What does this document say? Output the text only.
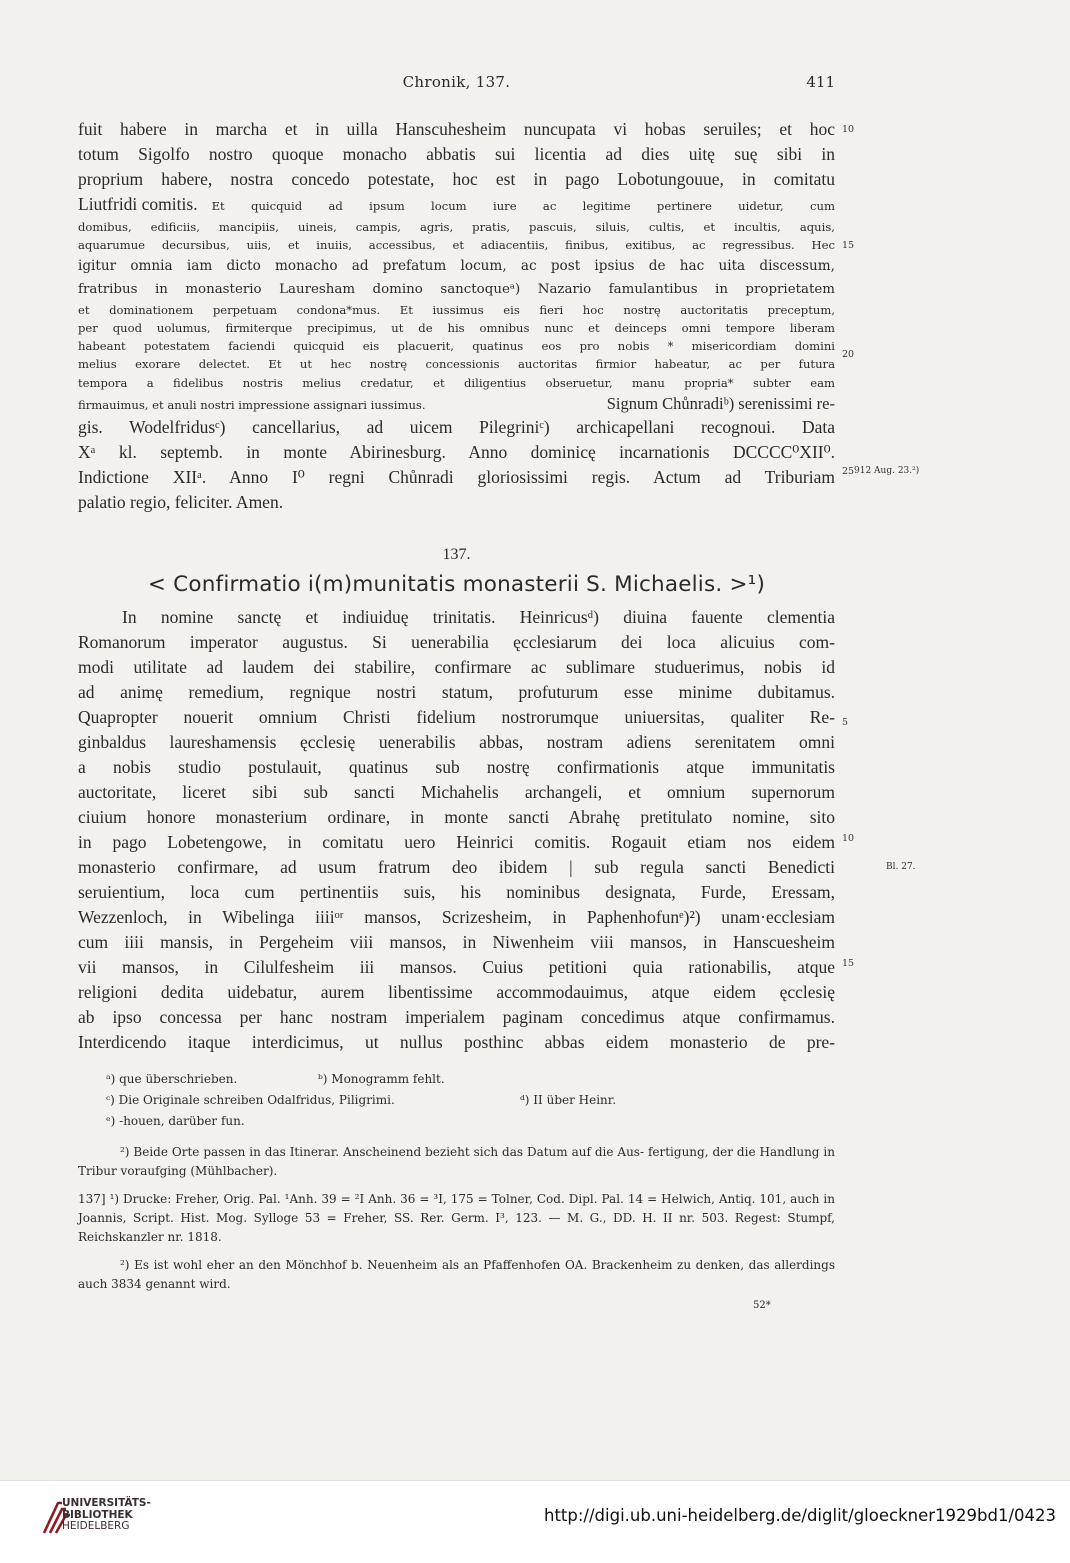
Chronik, 137.	411
fuit habere in marcha et in uilla Hanscuhesheim nuncupata vi hobas seruiles; et hoc
totum Sigolfo nostro quoque monacho abbatis sui licentia ad dies uitę suę sibi in
proprium habere, nostra concedo potestate, hoc est in pago Lobotungouue, in comitatu
Liutfridi comitis. Et quicquid ad ipsum locum iure ac legitime pertinere uidetur, cum
domibus, edificiis, mancipiis, uineis, campis, agris, pratis, pascuis, siluis, cultis, et incultis, aquis,
aquarumue decursibus, uiis, et inuiis, accessibus, et adiacentiis, finibus, exitibus, ac regressibus. Hec
igitur omnia iam dicto monacho ad prefatum locum, ac post ipsius de hac uita discessum,
fratribus in monasterio Lauresham domino sanctoqueᵃ) Nazario famulantibus in proprietatem
et dominationem perpetuam condona*mus. Et iussimus eis fieri hoc nostrę auctoritatis preceptum,
per quod uolumus, firmiterque precipimus, ut de his omnibus nunc et deinceps omni tempore liberam
habeant potestatem faciendi quicquid eis placuerit, quatinus eos pro nobis * misericordiam domini
melius exorare delectet. Et ut hec nostrę concessionis auctoritas firmior habeatur, ac per futura
tempora a fidelibus nostris melius credatur, et diligentius obseruetur, manu propria* subter eam
firmauimus, et anuli nostri impressione assignari iussimus.	Signum Chůnradiᵇ) serenissimi re-
gis. Wodelfridusᶜ) cancellarius, ad uicem Pilegriniᶜ) archicapellani recognoui. Data
Xᵃ kl. septemb. in monte Abirinesburg. Anno dominicę incarnationis DCCCC⁰XII⁰.
Indictione XIIᵃ. Anno I⁰ regni Chůnradi gloriosissimi regis. Actum ad Triburiam
palatio regio, feliciter. Amen.
10
15
20
25 912 Aug. 23.²)
137.
< Confirmatio i(m)munitatis monasterii S. Michaelis. >¹)
In nomine sanctę et indiuiduę trinitatis. Heinricusᵈ) diuina fauente clementia
Romanorum imperator augustus. Si uenerabilia ęcclesiarum dei loca alicuius com-
modi utilitate ad laudem dei stabilire, confirmare ac sublimare studuerimus, nobis id
ad animę remedium, regnique nostri statum, profuturum esse minime dubitamus.
Quapropter nouerit omnium Christi fidelium nostrorumque uniuersitas, qualiter Re-
ginbaldus laureshamensis ęcclesię uenerabilis abbas, nostram adiens serenitatem omni
a nobis studio postulauit, quatinus sub nostrę confirmationis atque immunitatis
auctoritate, liceret sibi sub sancti Michahelis archangeli, et omnium supernorum
ciuium honore monasterium ordinare, in monte sancti Abrahę pretitulato nomine, sito
in pago Lobetengowe, in comitatu uero Heinrici comitis. Rogauit etiam nos eidem
monasterio confirmare, ad usum fratrum deo ibidem | sub regula sancti Benedicti
seruientium, loca cum pertinentiis suis, his nominibus designata, Furde, Eressam,
Wezzenloch, in Wibelinga iiiiᵒʳ mansos, Scrizesheim, in Paphenhofunᵉ)²) unam·ecclesiam
cum iiii mansis, in Pergeheim viii mansos, in Niwenheim viii mansos, in Hanscuesheim
vii mansos, in Cilulfesheim iii mansos. Cuius petitioni quia rationabilis, atque
religioni dedita uidebatur, aurem libentissime accommodauimus, atque eidem ęcclesię
ab ipso concessa per hanc nostram imperialem paginam concedimus atque confirmamus.
Interdicendo itaque interdicimus, ut nullus posthinc abbas eidem monasterio de pre-
5
10
15
Bl. 27.
ᵃ) que überschrieben.	ᵇ) Monogramm fehlt.
ᶜ) Die Originale schreiben Odalfridus, Piligrimi.	ᵈ) II über Heinr.
ᵉ) -houen, darüber fun.
²) Beide Orte passen in das Itinerar. Anscheinend bezieht sich das Datum auf die Aus- fertigung, der die Handlung in Tribur voraufging (Mühlbacher).
137] ¹) Drucke: Freher, Orig. Pal. ¹Anh. 39 = ²I Anh. 36 = ³I, 175 = Tolner, Cod. Dipl. Pal. 14 = Helwich, Antiq. 101, auch in Joannis, Script. Hist. Mog. Sylloge 53 = Freher, SS. Rer. Germ. I³, 123. — M. G., DD. H. II nr. 503. Regest: Stumpf, Reichskanzler nr. 1818.
²) Es ist wohl eher an den Mönchhof b. Neuenheim als an Pfaffenhofen OA. Brackenheim zu denken, das allerdings auch 3834 genannt wird.
52*
UNIVERSITÄTS-
BIBLIOTHEK
HEIDELBERG
http://digi.ub.uni-heidelberg.de/diglit/gloeckner1929bd1/0423
